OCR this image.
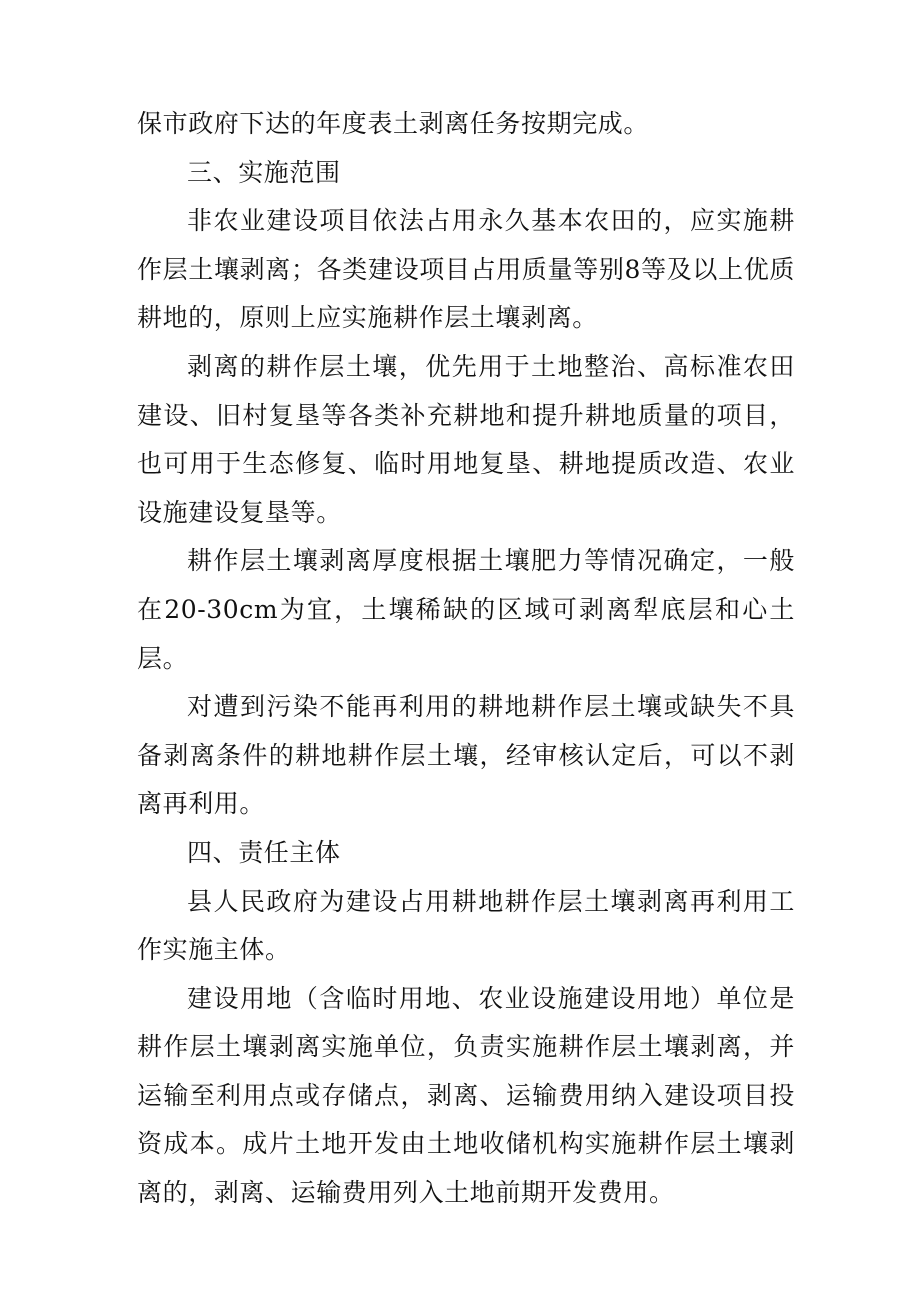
保市政府下达的年度表土剥离任务按期完成。

三、实施范围

非农业建设项目依法占用永久基本农田的，应实施耕作层土壤剥离；各类建设项目占用质量等别8等及以上优质耕地的，原则上应实施耕作层土壤剥离。

剥离的耕作层土壤，优先用于土地整治、高标准农田建设、旧村复垦等各类补充耕地和提升耕地质量的项目，也可用于生态修复、临时用地复垦、耕地提质改造、农业设施建设复垦等。

耕作层土壤剥离厚度根据土壤肥力等情况确定，一般在20-30cm为宜，土壤稀缺的区域可剥离犁底层和心土层。

对遭到污染不能再利用的耕地耕作层土壤或缺失不具备剥离条件的耕地耕作层土壤，经审核认定后，可以不剥离再利用。

四、责任主体

县人民政府为建设占用耕地耕作层土壤剥离再利用工作实施主体。

建设用地（含临时用地、农业设施建设用地）单位是耕作层土壤剥离实施单位，负责实施耕作层土壤剥离，并运输至利用点或存储点，剥离、运输费用纳入建设项目投资成本。成片土地开发由土地收储机构实施耕作层土壤剥离的，剥离、运输费用列入土地前期开发费用。
